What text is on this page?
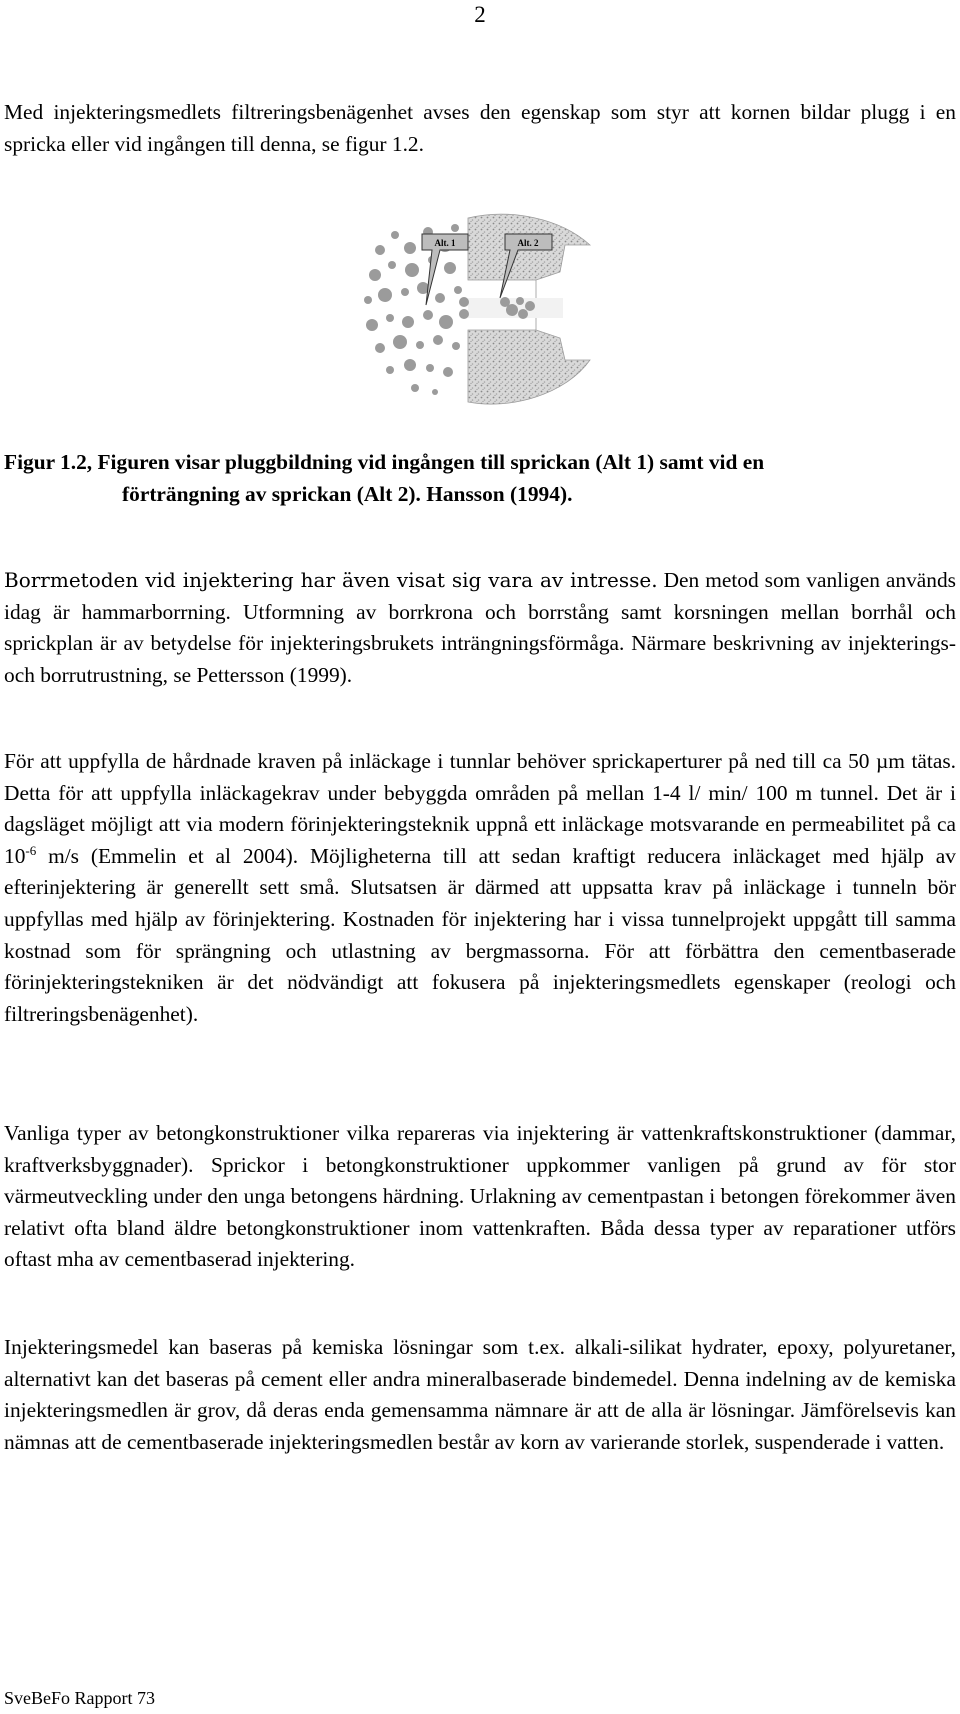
2

Med injekteringsmedlets filtreringsbenägenhet avses den egenskap som styr att kornen bildar plugg i en spricka eller vid ingången till denna, se figur 1.2.

Alt. 1	Alt. 2

Figur 1.2, Figuren visar pluggbildning vid ingången till sprickan (Alt 1) samt vid en
förträngning av sprickan (Alt 2). Hansson (1994).

Borrmetoden vid injektering har även visat sig vara av intresse. Den metod som vanligen används idag är hammarborrning. Utformning av borrkrona och borrstång samt korsningen mellan borrhål och sprickplan är av betydelse för injekteringsbrukets inträngningsförmåga. Närmare beskrivning av injekterings- och borrutrustning, se Pettersson (1999).

För att uppfylla de hårdnade kraven på inläckage i tunnlar behöver sprickaperturer på ned till ca 50 µm tätas. Detta för att uppfylla inläckagekrav under bebyggda områden på mellan 1-4 l/ min/ 100 m tunnel. Det är i dagsläget möjligt att via modern förinjekteringsteknik uppnå ett inläckage motsvarande en permeabilitet på ca $10^{-6}$ m/s (Emmelin et al 2004). Möjligheterna till att sedan kraftigt reducera inläckaget med hjälp av efterinjektering är generellt sett små. Slutsatsen är därmed att uppsatta krav på inläckage i tunneln bör uppfyllas med hjälp av förinjektering. Kostnaden för injektering har i vissa tunnelprojekt uppgått till samma kostnad som för sprängning och utlastning av bergmassorna. För att förbättra den cementbaserade förinjekteringstekniken är det nödvändigt att fokusera på injekteringsmedlets egenskaper (reologi och filtreringsbenägenhet).

Vanliga typer av betongkonstruktioner vilka repareras via injektering är vattenkraftskonstruktioner (dammar, kraftverksbyggnader). Sprickor i betongkonstruktioner uppkommer vanligen på grund av för stor värmeutveckling under den unga betongens härdning. Urlakning av cementpastan i betongen förekommer även relativt ofta bland äldre betongkonstruktioner inom vattenkraften. Båda dessa typer av reparationer utförs oftast mha av cementbaserad injektering.

Injekteringsmedel kan baseras på kemiska lösningar som t.ex. alkali-silikat hydrater, epoxy, polyuretaner, alternativt kan det baseras på cement eller andra mineralbaserade bindemedel. Denna indelning av de kemiska injekteringsmedlen är grov, då deras enda gemensamma nämnare är att de alla är lösningar. Jämförelsevis kan nämnas att de cementbaserade injekteringsmedlen består av korn av varierande storlek, suspenderade i vatten.

SveBeFo Rapport 73
